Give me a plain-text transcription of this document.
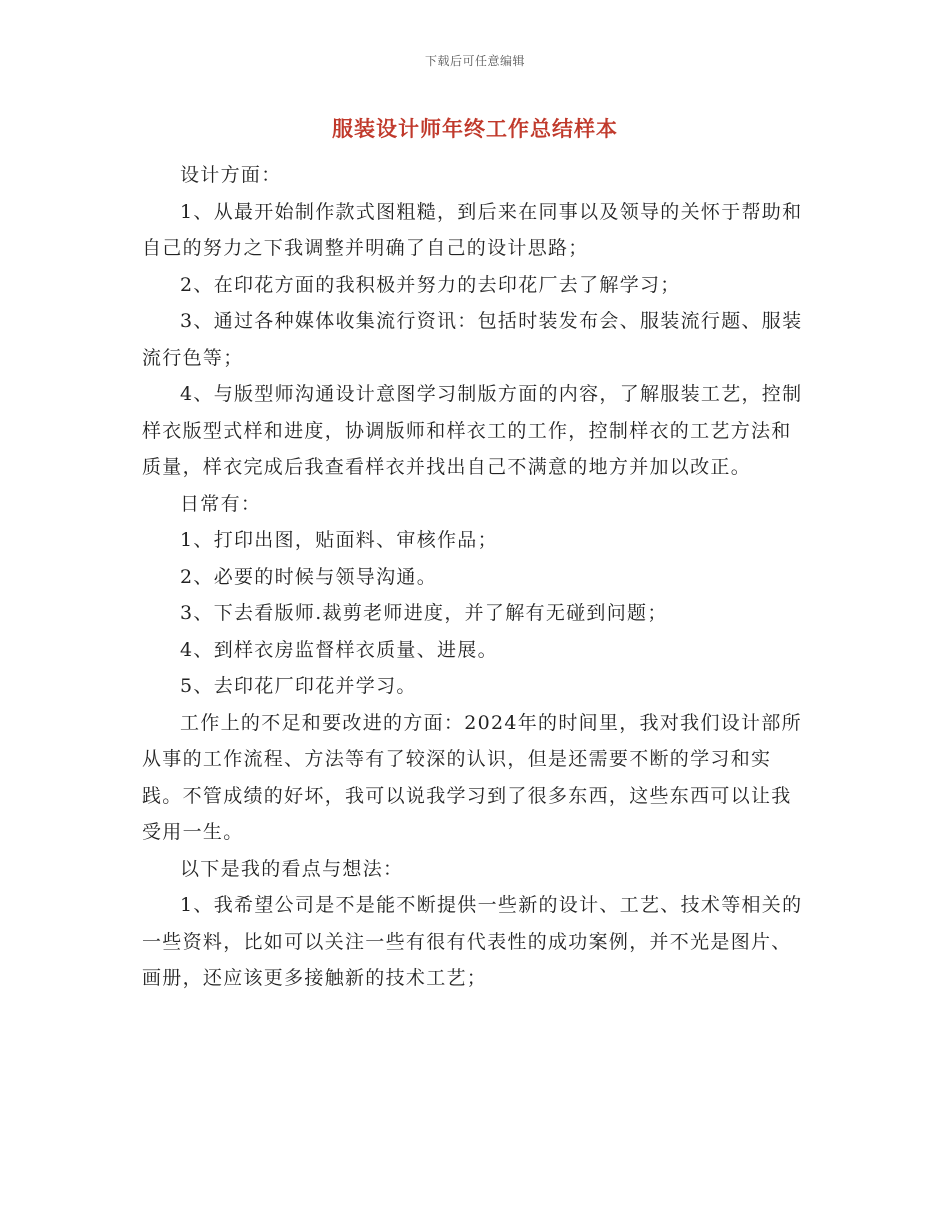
下载后可任意编辑
服装设计师年终工作总结样本

设计方面：

1、从最开始制作款式图粗糙，到后来在同事以及领导的关怀于帮助和自己的努力之下我调整并明确了自己的设计思路；

2、在印花方面的我积极并努力的去印花厂去了解学习；

3、通过各种媒体收集流行资讯：包括时装发布会、服装流行题、服装流行色等；

4、与版型师沟通设计意图学习制版方面的内容，了解服装工艺，控制样衣版型式样和进度，协调版师和样衣工的工作，控制样衣的工艺方法和质量，样衣完成后我查看样衣并找出自己不满意的地方并加以改正。

日常有：

1、打印出图，贴面料、审核作品；

2、必要的时候与领导沟通。

3、下去看版师.裁剪老师进度，并了解有无碰到问题；

4、到样衣房监督样衣质量、进展。

5、去印花厂印花并学习。

工作上的不足和要改进的方面：2024年的时间里，我对我们设计部所从事的工作流程、方法等有了较深的认识，但是还需要不断的学习和实践。不管成绩的好坏，我可以说我学习到了很多东西，这些东西可以让我受用一生。

以下是我的看点与想法：

1、我希望公司是不是能不断提供一些新的设计、工艺、技术等相关的一些资料，比如可以关注一些有很有代表性的成功案例，并不光是图片、画册，还应该更多接触新的技术工艺；
